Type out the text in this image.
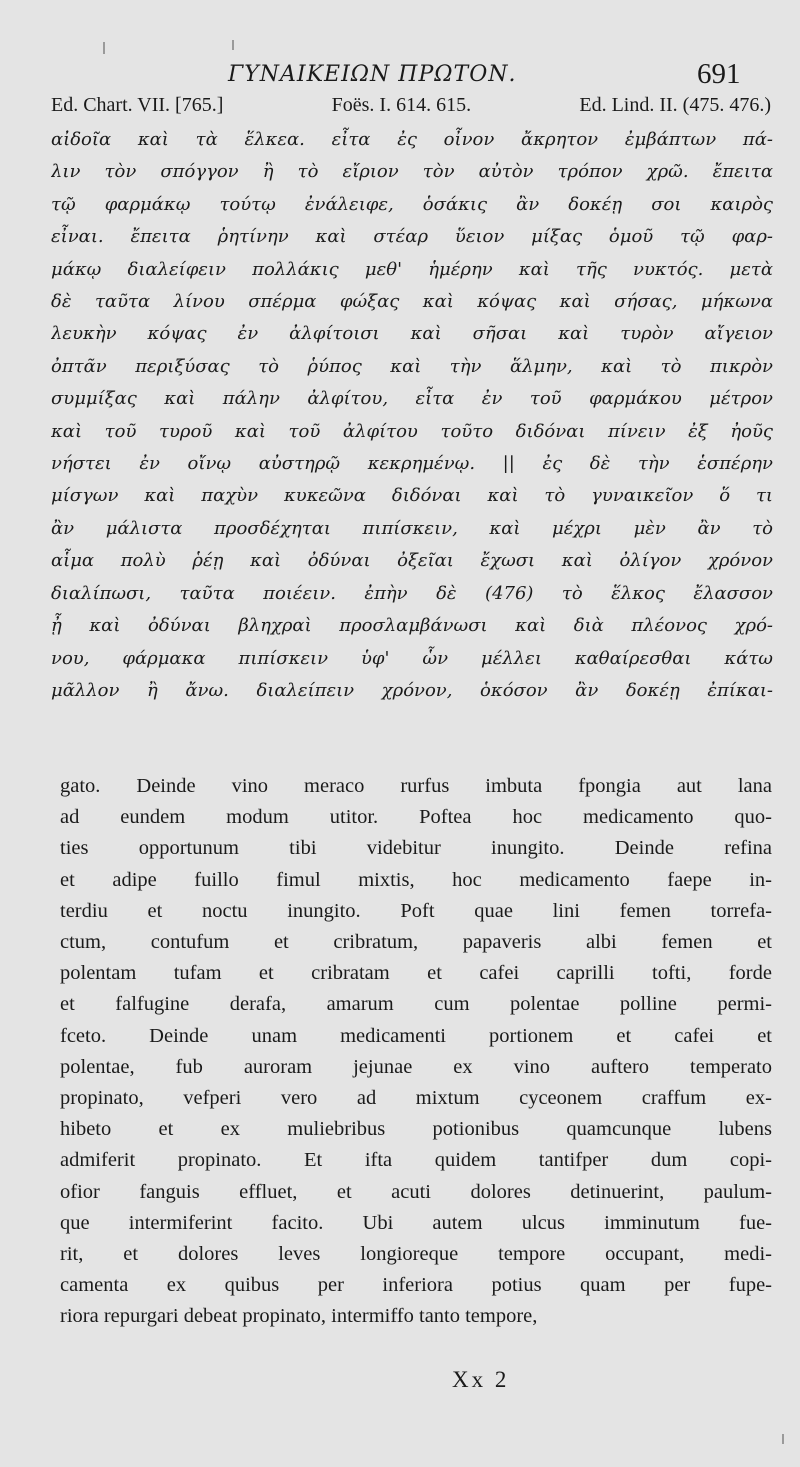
ΓΥΝΑΙΚΕΙΩΝ ΠΡΩΤΟΝ.	691
Ed. Chart. VII. [765.]	Foës. I. 614. 615.	Ed. Lind. II. (475. 476.)
αἰδοῖα καὶ τὰ ἕλκεα. εἶτα ἐς οἶνον ἄκρητον ἐμβάπτων πά-
λιν τὸν σπόγγον ἢ τὸ εἴριον τὸν αὐτὸν τρόπον χρῶ. ἔπειτα
τῷ φαρμάκῳ τούτῳ ἐνάλειφε, ὁσάκις ἂν δοκέῃ σοι καιρὸς
εἶναι. ἔπειτα ῥητίνην καὶ στέαρ ὕειον μίξας ὁμοῦ τῷ φαρ-
μάκῳ διαλείφειν πολλάκις μεθ' ἡμέρην καὶ τῆς νυκτός. μετὰ
δὲ ταῦτα λίνου σπέρμα φώξας καὶ κόψας καὶ σήσας, μήκωνα
λευκὴν κόψας ἐν ἀλφίτοισι καὶ σῆσαι καὶ τυρὸν αἴγειον
ὀπτᾶν περιξύσας τὸ ῥύπος καὶ τὴν ἅλμην, καὶ τὸ πικρὸν
συμμίξας καὶ πάλην ἀλφίτου, εἶτα ἐν τοῦ φαρμάκου μέτρον
καὶ τοῦ τυροῦ καὶ τοῦ ἀλφίτου τοῦτο διδόναι πίνειν ἐξ ἠοῦς
νήστει ἐν οἴνῳ αὐστηρῷ κεκρημένῳ. || ἐς δὲ τὴν ἑσπέρην
μίσγων καὶ παχὺν κυκεῶνα διδόναι καὶ τὸ γυναικεῖον ὅ τι
ἂν μάλιστα προσδέχηται πιπίσκειν, καὶ μέχρι μὲν ἂν τὸ
αἷμα πολὺ ῥέῃ καὶ ὀδύναι ὀξεῖαι ἔχωσι καὶ ὀλίγον χρόνον
διαλίπωσι, ταῦτα ποιέειν. ἐπὴν δὲ (476) τὸ ἕλκος ἔλασσον
ᾖ καὶ ὀδύναι βληχραὶ προσλαμβάνωσι καὶ διὰ πλέονος χρό-
νου, φάρμακα πιπίσκειν ὑφ' ὧν μέλλει καθαίρεσθαι κάτω
μᾶλλον ἢ ἄνω. διαλείπειν χρόνον, ὁκόσον ἂν δοκέῃ ἐπίκαι-
gato. Deinde vino meraco rurfus imbuta fpongia aut lana
ad eundem modum utitor. Poftea hoc medicamento quo-
ties opportunum tibi videbitur inungito. Deinde refina
et adipe fuillo fimul mixtis, hoc medicamento faepe in-
terdiu et noctu inungito. Poft quae lini femen torrefa-
ctum, contufum et cribratum, papaveris albi femen et
polentam tufam et cribratam et cafei caprilli tofti, forde
et falfugine derafa, amarum cum polentae polline permi-
fceto. Deinde unam medicamenti portionem et cafei et
polentae, fub auroram jejunae ex vino auftero temperato
propinato, vefperi vero ad mixtum cyceonem craffum ex-
hibeto et ex muliebribus potionibus quamcunque lubens
admiferit propinato. Et ifta quidem tantifper dum copi-
ofior fanguis effluet, et acuti dolores detinuerint, paulum-
que intermiferint facito. Ubi autem ulcus imminutum fue-
rit, et dolores leves longioreque tempore occupant, medi-
camenta ex quibus per inferiora potius quam per fupe-
riora repurgari debeat propinato, intermiffo tanto tempore,
Xx 2
